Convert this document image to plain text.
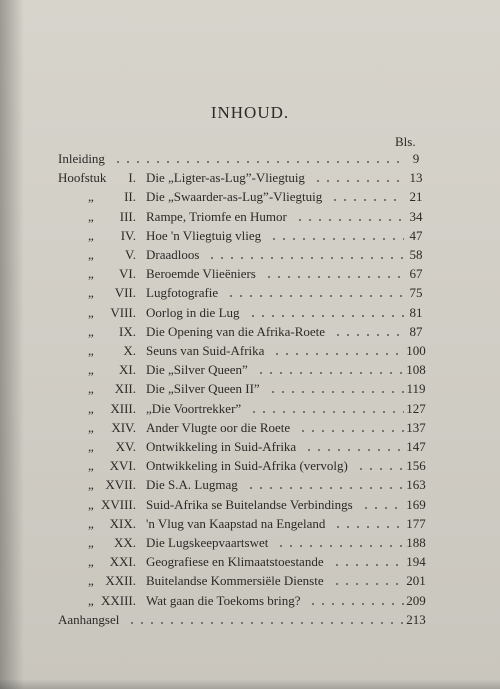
INHOUD.
Bls.
Inleiding	9
Hoofstuk I. Die „Ligter-as-Lug”-Vliegtuig	13
„ II. Die „Swaarder-as-Lug”-Vliegtuig	21
„ III. Rampe, Triomfe en Humor	34
„ IV. Hoe 'n Vliegtuig vlieg	47
„ V. Draadloos	58
„ VI. Beroemde Vlieëniers	67
„ VII. Lugfotografie	75
„ VIII. Oorlog in die Lug	81
„ IX. Die Opening van die Afrika-Roete	87
„ X. Seuns van Suid-Afrika	100
„ XI. Die „Silver Queen”	108
„ XII. Die „Silver Queen II”	119
„ XIII. „Die Voortrekker”	127
„ XIV. Ander Vlugte oor die Roete	137
„ XV. Ontwikkeling in Suid-Afrika	147
„ XVI. Ontwikkeling in Suid-Afrika (vervolg)	156
„ XVII. Die S.A. Lugmag	163
„ XVIII. Suid-Afrika se Buitelandse Verbindings	169
„ XIX. 'n Vlug van Kaapstad na Engeland	177
„ XX. Die Lugskeepvaartswet	188
„ XXI. Geografiese en Klimaatstoestande	194
„ XXII. Buitelandse Kommersiële Dienste	201
„ XXIII. Wat gaan die Toekoms bring?	209
Aanhangsel	213
